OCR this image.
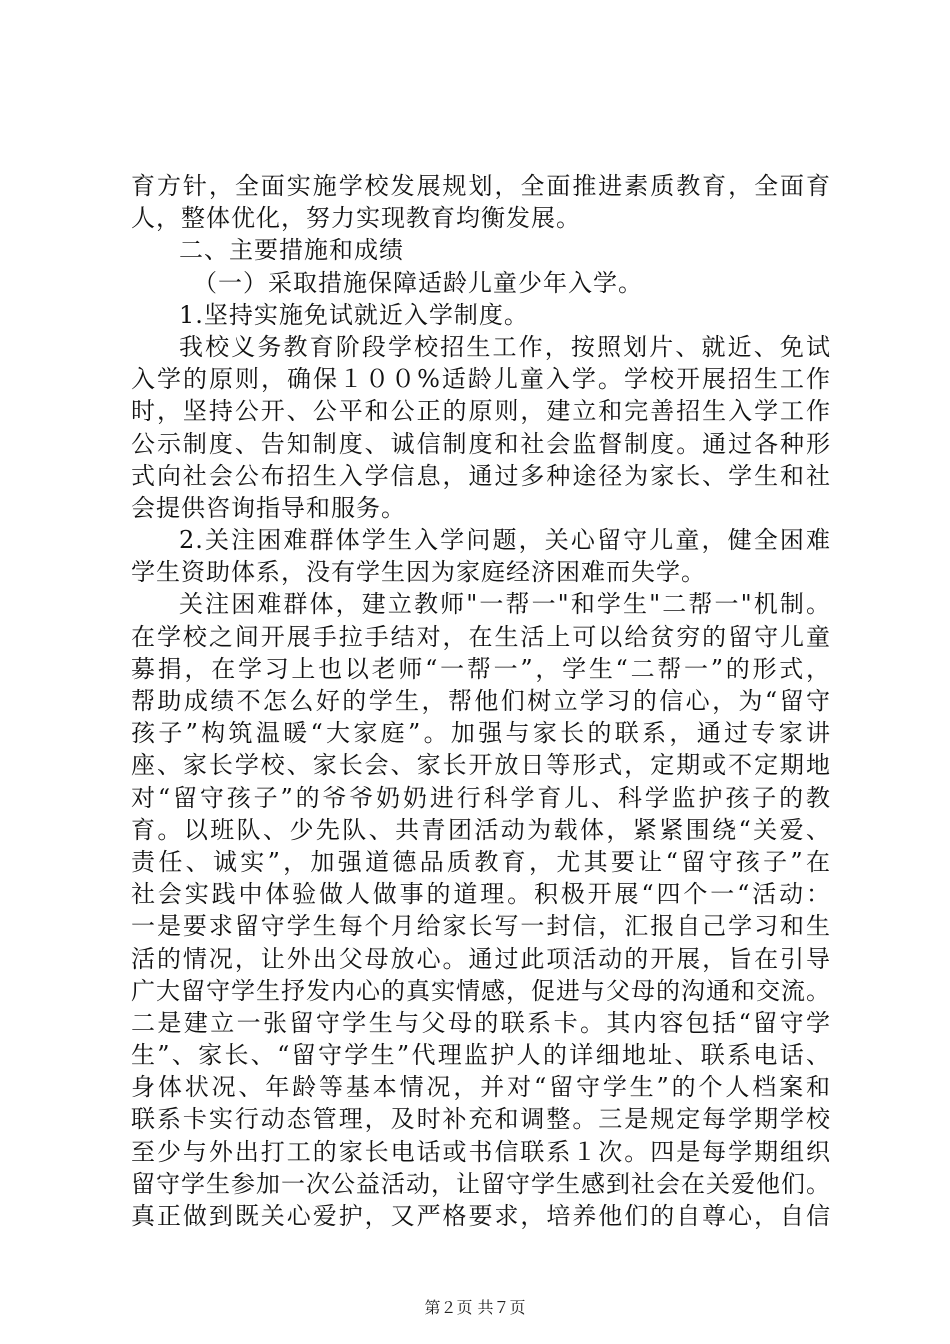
育方针，全面实施学校发展规划，全面推进素质教育，全面育
人，整体优化，努力实现教育均衡发展。
二、主要措施和成绩
（一）采取措施保障适龄儿童少年入学。
1.坚持实施免试就近入学制度。
我校义务教育阶段学校招生工作，按照划片、就近、免试
入学的原则，确保１００%适龄儿童入学。学校开展招生工作
时，坚持公开、公平和公正的原则，建立和完善招生入学工作
公示制度、告知制度、诚信制度和社会监督制度。通过各种形
式向社会公布招生入学信息，通过多种途径为家长、学生和社
会提供咨询指导和服务。
2.关注困难群体学生入学问题，关心留守儿童，健全困难
学生资助体系，没有学生因为家庭经济困难而失学。
关注困难群体，建立教师"一帮一"和学生"二帮一"机制。
在学校之间开展手拉手结对，在生活上可以给贫穷的留守儿童
募捐，在学习上也以老师“一帮一”，学生“二帮一”的形式，
帮助成绩不怎么好的学生，帮他们树立学习的信心，为“留守
孩子”构筑温暖“大家庭”。加强与家长的联系，通过专家讲
座、家长学校、家长会、家长开放日等形式，定期或不定期地
对“留守孩子”的爷爷奶奶进行科学育儿、科学监护孩子的教
育。以班队、少先队、共青团活动为载体，紧紧围绕“关爱、
责任、诚实”，加强道德品质教育，尤其要让“留守孩子”在
社会实践中体验做人做事的道理。积极开展“四个一“活动：
一是要求留守学生每个月给家长写一封信，汇报自己学习和生
活的情况，让外出父母放心。通过此项活动的开展，旨在引导
广大留守学生抒发内心的真实情感，促进与父母的沟通和交流。
二是建立一张留守学生与父母的联系卡。其内容包括“留守学
生”、家长、“留守学生”代理监护人的详细地址、联系电话、
身体状况、年龄等基本情况，并对“留守学生”的个人档案和
联系卡实行动态管理，及时补充和调整。三是规定每学期学校
至少与外出打工的家长电话或书信联系１次。四是每学期组织
留守学生参加一次公益活动，让留守学生感到社会在关爱他们。
真正做到既关心爱护，又严格要求，培养他们的自尊心，自信
第２页 共７页
